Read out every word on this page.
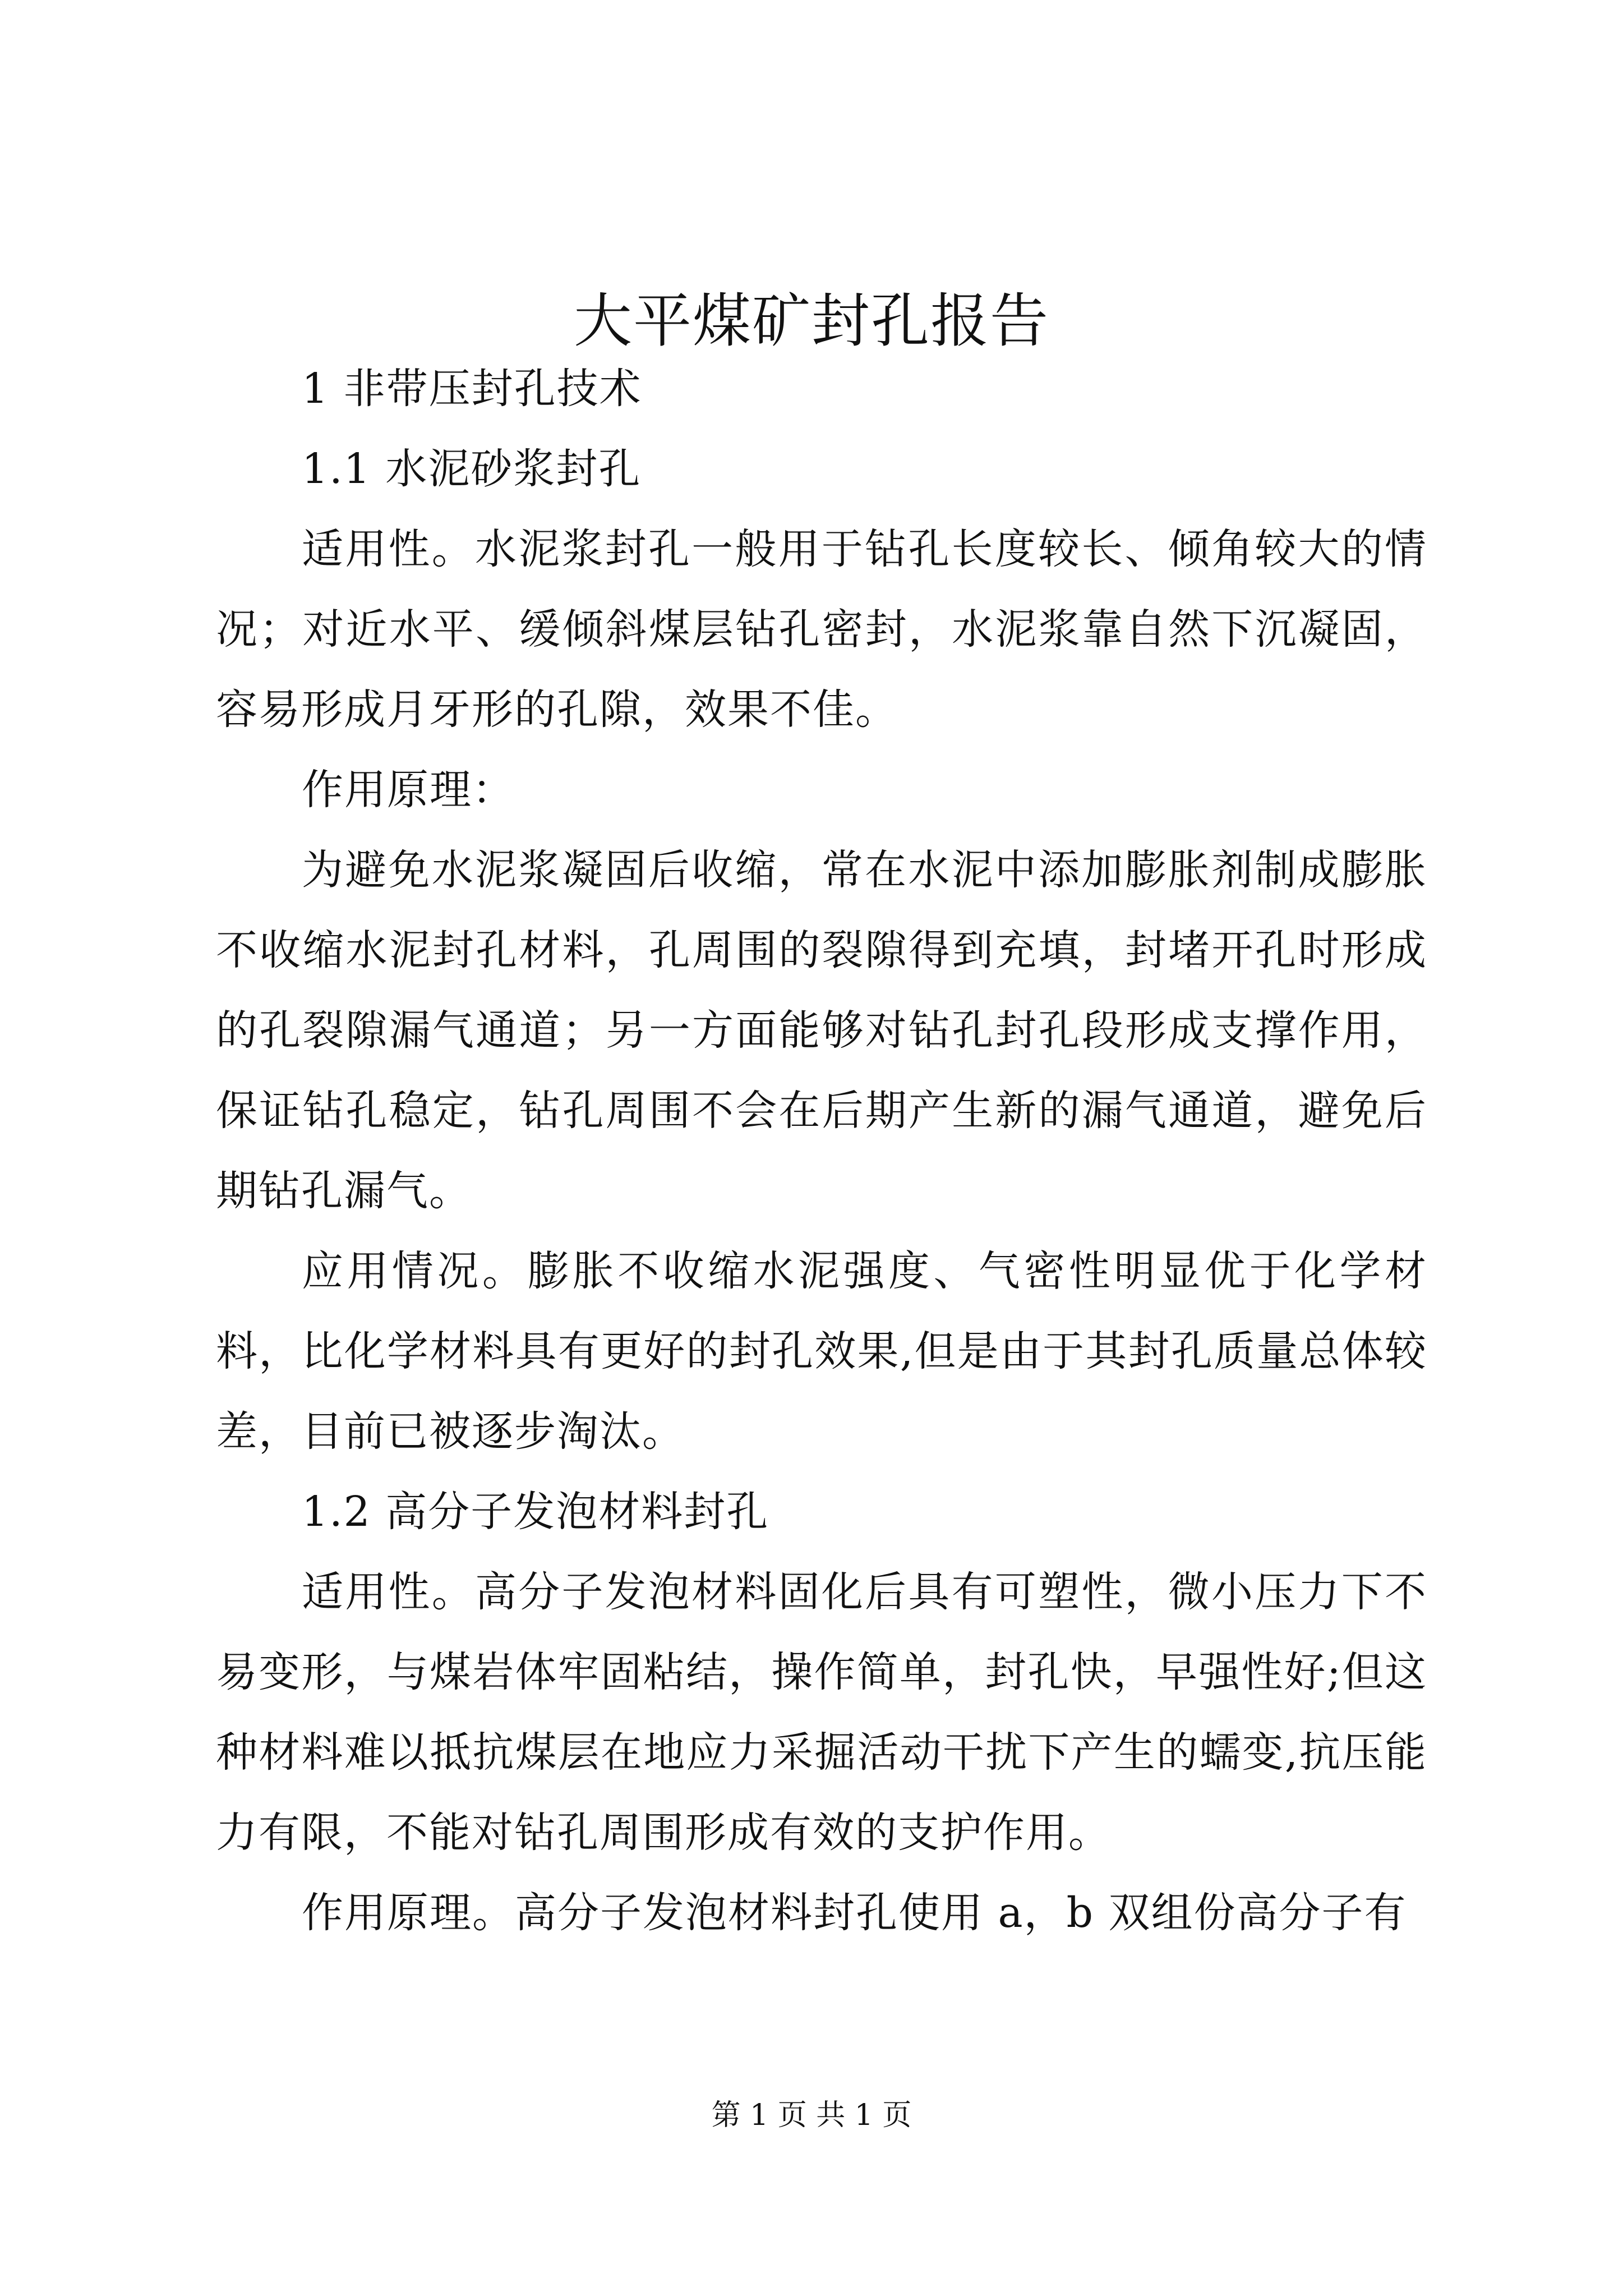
大平煤矿封孔报告

1 非带压封孔技术

1.1 水泥砂浆封孔

适用性。水泥浆封孔一般用于钻孔长度较长、倾角较大的情况；对近水平、缓倾斜煤层钻孔密封，水泥浆靠自然下沉凝固，容易形成月牙形的孔隙，效果不佳。

作用原理：

为避免水泥浆凝固后收缩，常在水泥中添加膨胀剂制成膨胀不收缩水泥封孔材料，孔周围的裂隙得到充填，封堵开孔时形成的孔裂隙漏气通道；另一方面能够对钻孔封孔段形成支撑作用，保证钻孔稳定，钻孔周围不会在后期产生新的漏气通道，避免后期钻孔漏气。

应用情况。膨胀不收缩水泥强度、气密性明显优于化学材料，比化学材料具有更好的封孔效果,但是由于其封孔质量总体较差，目前已被逐步淘汰。

1.2 高分子发泡材料封孔

适用性。高分子发泡材料固化后具有可塑性，微小压力下不易变形，与煤岩体牢固粘结，操作简单，封孔快，早强性好;但这种材料难以抵抗煤层在地应力采掘活动干扰下产生的蠕变,抗压能力有限，不能对钻孔周围形成有效的支护作用。

作用原理。高分子发泡材料封孔使用 a，b 双组份高分子有

第 1 页 共 1 页
